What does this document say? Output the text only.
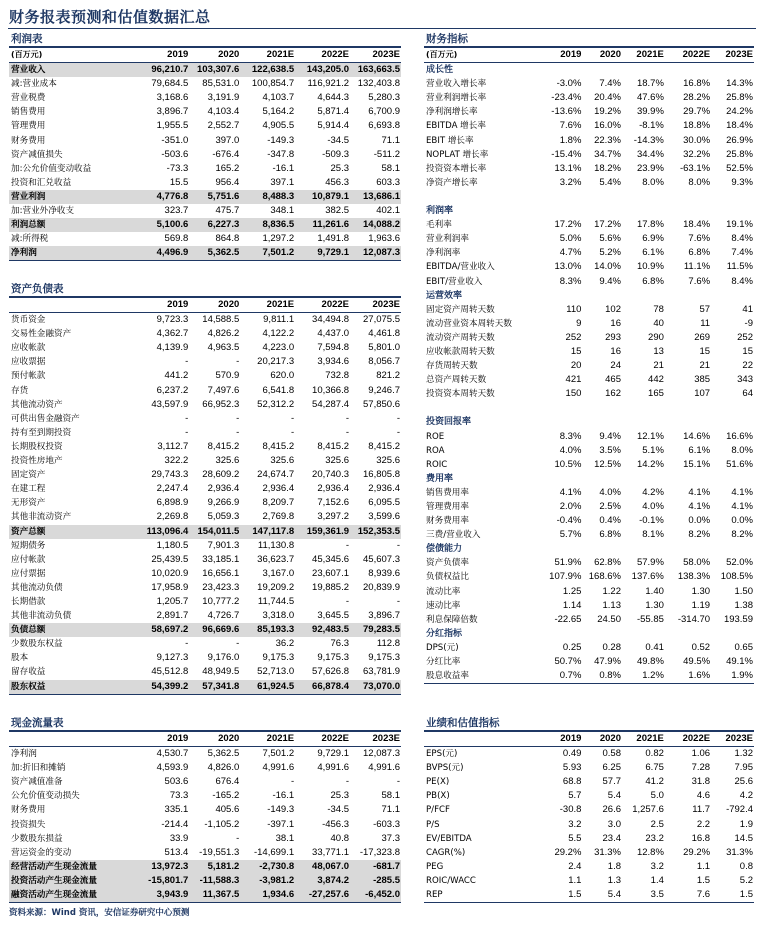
财务报表预测和估值数据汇总
利润表
(百万元)	2019	2020	2021E	2022E	2023E
营业收入	96,210.7	103,307.6	122,638.5	143,205.0	163,663.5
减:营业成本	79,684.5	85,531.0	100,854.7	116,921.2	132,403.8
营业税费	3,168.6	3,191.9	4,103.7	4,644.3	5,280.3
销售费用	3,896.7	4,103.4	5,164.2	5,871.4	6,700.9
管理费用	1,955.5	2,552.7	4,905.5	5,914.4	6,693.8
财务费用	-351.0	397.0	-149.3	-34.5	71.1
资产减值损失	-503.6	-676.4	-347.8	-509.3	-511.2
加:公允价值变动收益	-73.3	165.2	-16.1	25.3	58.1
投资和汇兑收益	15.5	956.4	397.1	456.3	603.3
营业利润	4,776.8	5,751.6	8,488.3	10,879.1	13,686.1
加:营业外净收支	323.7	475.7	348.1	382.5	402.1
利润总额	5,100.6	6,227.3	8,836.5	11,261.6	14,088.2
减:所得税	569.8	864.8	1,297.2	1,491.8	1,963.6
净利润	4,496.9	5,362.5	7,501.2	9,729.1	12,087.3
资产负债表
	2019	2020	2021E	2022E	2023E
货币资金	9,723.3	14,588.5	9,811.1	34,494.8	27,075.5
交易性金融资产	4,362.7	4,826.2	4,122.2	4,437.0	4,461.8
应收帐款	4,139.9	4,963.5	4,223.0	7,594.8	5,801.0
应收票据	-	-	20,217.3	3,934.6	8,056.7
预付帐款	441.2	570.9	620.0	732.8	821.2
存货	6,237.2	7,497.6	6,541.8	10,366.8	9,246.7
其他流动资产	43,597.9	66,952.3	52,312.2	54,287.4	57,850.6
可供出售金融资产	-	-	-	-	-
持有至到期投资	-	-	-	-	-
长期股权投资	3,112.7	8,415.2	8,415.2	8,415.2	8,415.2
投资性房地产	322.2	325.6	325.6	325.6	325.6
固定资产	29,743.3	28,609.2	24,674.7	20,740.3	16,805.8
在建工程	2,247.4	2,936.4	2,936.4	2,936.4	2,936.4
无形资产	6,898.9	9,266.9	8,209.7	7,152.6	6,095.5
其他非流动资产	2,269.8	5,059.3	2,769.8	3,297.2	3,599.6
资产总额	113,096.4	154,011.5	147,117.8	159,361.9	152,353.5
短期债务	1,180.5	7,901.3	11,130.8	-	-
应付帐款	25,439.5	33,185.1	36,623.7	45,345.6	45,607.3
应付票据	10,020.9	16,656.1	3,167.0	23,607.1	8,939.6
其他流动负债	17,958.9	23,423.3	19,209.2	19,885.2	20,839.9
长期借款	1,205.7	10,777.2	11,744.5	-	-
其他非流动负债	2,891.7	4,726.7	3,318.0	3,645.5	3,896.7
负债总额	58,697.2	96,669.6	85,193.3	92,483.5	79,283.5
少数股东权益	-	-	36.2	76.3	112.8
股本	9,127.3	9,176.0	9,175.3	9,175.3	9,175.3
留存收益	45,512.8	48,949.5	52,713.0	57,626.8	63,781.9
股东权益	54,399.2	57,341.8	61,924.5	66,878.4	73,070.0
现金流量表
	2019	2020	2021E	2022E	2023E
净利润	4,530.7	5,362.5	7,501.2	9,729.1	12,087.3
加:折旧和摊销	4,593.9	4,826.0	4,991.6	4,991.6	4,991.6
资产减值准备	503.6	676.4	-	-	-
公允价值变动损失	73.3	-165.2	-16.1	25.3	58.1
财务费用	335.1	405.6	-149.3	-34.5	71.1
投资损失	-214.4	-1,105.2	-397.1	-456.3	-603.3
少数股东损益	33.9	-	38.1	40.8	37.3
营运资金的变动	513.4	-19,551.3	-14,699.1	33,771.1	-17,323.8
经营活动产生现金流量	13,972.3	5,181.2	-2,730.8	48,067.0	-681.7
投资活动产生现金流量	-15,801.7	-11,588.3	-3,981.2	3,874.2	-285.5
融资活动产生现金流量	3,943.9	11,367.5	1,934.6	-27,257.6	-6,452.0
财务指标
(百万元)	2019	2020	2021E	2022E	2023E
成长性					
营业收入增长率	-3.0%	7.4%	18.7%	16.8%	14.3%
营业利润增长率	-23.4%	20.4%	47.6%	28.2%	25.8%
净利润增长率	-13.6%	19.2%	39.9%	29.7%	24.2%
EBITDA 增长率	7.6%	16.0%	-8.1%	18.8%	18.4%
EBIT 增长率	1.8%	22.3%	-14.3%	30.0%	26.9%
NOPLAT 增长率	-15.4%	34.7%	34.4%	32.2%	25.8%
投资资本增长率	13.1%	18.2%	23.9%	-63.1%	52.5%
净资产增长率	3.2%	5.4%	8.0%	8.0%	9.3%

利润率					
毛利率	17.2%	17.2%	17.8%	18.4%	19.1%
营业利润率	5.0%	5.6%	6.9%	7.6%	8.4%
净利润率	4.7%	5.2%	6.1%	6.8%	7.4%
EBITDA/营业收入	13.0%	14.0%	10.9%	11.1%	11.5%
EBIT/营业收入	8.3%	9.4%	6.8%	7.6%	8.4%
运营效率					
固定资产周转天数	110	102	78	57	41
流动营业资本周转天数	9	16	40	11	-9
流动资产周转天数	252	293	290	269	252
应收帐款周转天数	15	16	13	15	15
存货周转天数	20	24	21	21	22
总资产周转天数	421	465	442	385	343
投资资本周转天数	150	162	165	107	64

投资回报率					
ROE	8.3%	9.4%	12.1%	14.6%	16.6%
ROA	4.0%	3.5%	5.1%	6.1%	8.0%
ROIC	10.5%	12.5%	14.2%	15.1%	51.6%
费用率					
销售费用率	4.1%	4.0%	4.2%	4.1%	4.1%
管理费用率	2.0%	2.5%	4.0%	4.1%	4.1%
财务费用率	-0.4%	0.4%	-0.1%	0.0%	0.0%
三费/营业收入	5.7%	6.8%	8.1%	8.2%	8.2%
偿债能力					
资产负债率	51.9%	62.8%	57.9%	58.0%	52.0%
负债权益比	107.9%	168.6%	137.6%	138.3%	108.5%
流动比率	1.25	1.22	1.40	1.30	1.50
速动比率	1.14	1.13	1.30	1.19	1.38
利息保障倍数	-22.65	24.50	-55.85	-314.70	193.59
分红指标					
DPS(元)	0.25	0.28	0.41	0.52	0.65
分红比率	50.7%	47.9%	49.8%	49.5%	49.1%
股息收益率	0.7%	0.8%	1.2%	1.6%	1.9%
业绩和估值指标
	2019	2020	2021E	2022E	2023E
EPS(元)	0.49	0.58	0.82	1.06	1.32
BVPS(元)	5.93	6.25	6.75	7.28	7.95
PE(X)	68.8	57.7	41.2	31.8	25.6
PB(X)	5.7	5.4	5.0	4.6	4.2
P/FCF	-30.8	26.6	1,257.6	11.7	-792.4
P/S	3.2	3.0	2.5	2.2	1.9
EV/EBITDA	5.5	23.4	23.2	16.8	14.5
CAGR(%)	29.2%	31.3%	12.8%	29.2%	31.3%
PEG	2.4	1.8	3.2	1.1	0.8
ROIC/WACC	1.1	1.3	1.4	1.5	5.2
REP	1.5	5.4	3.5	7.6	1.5
资料来源：Wind 资讯，安信证券研究中心预测
